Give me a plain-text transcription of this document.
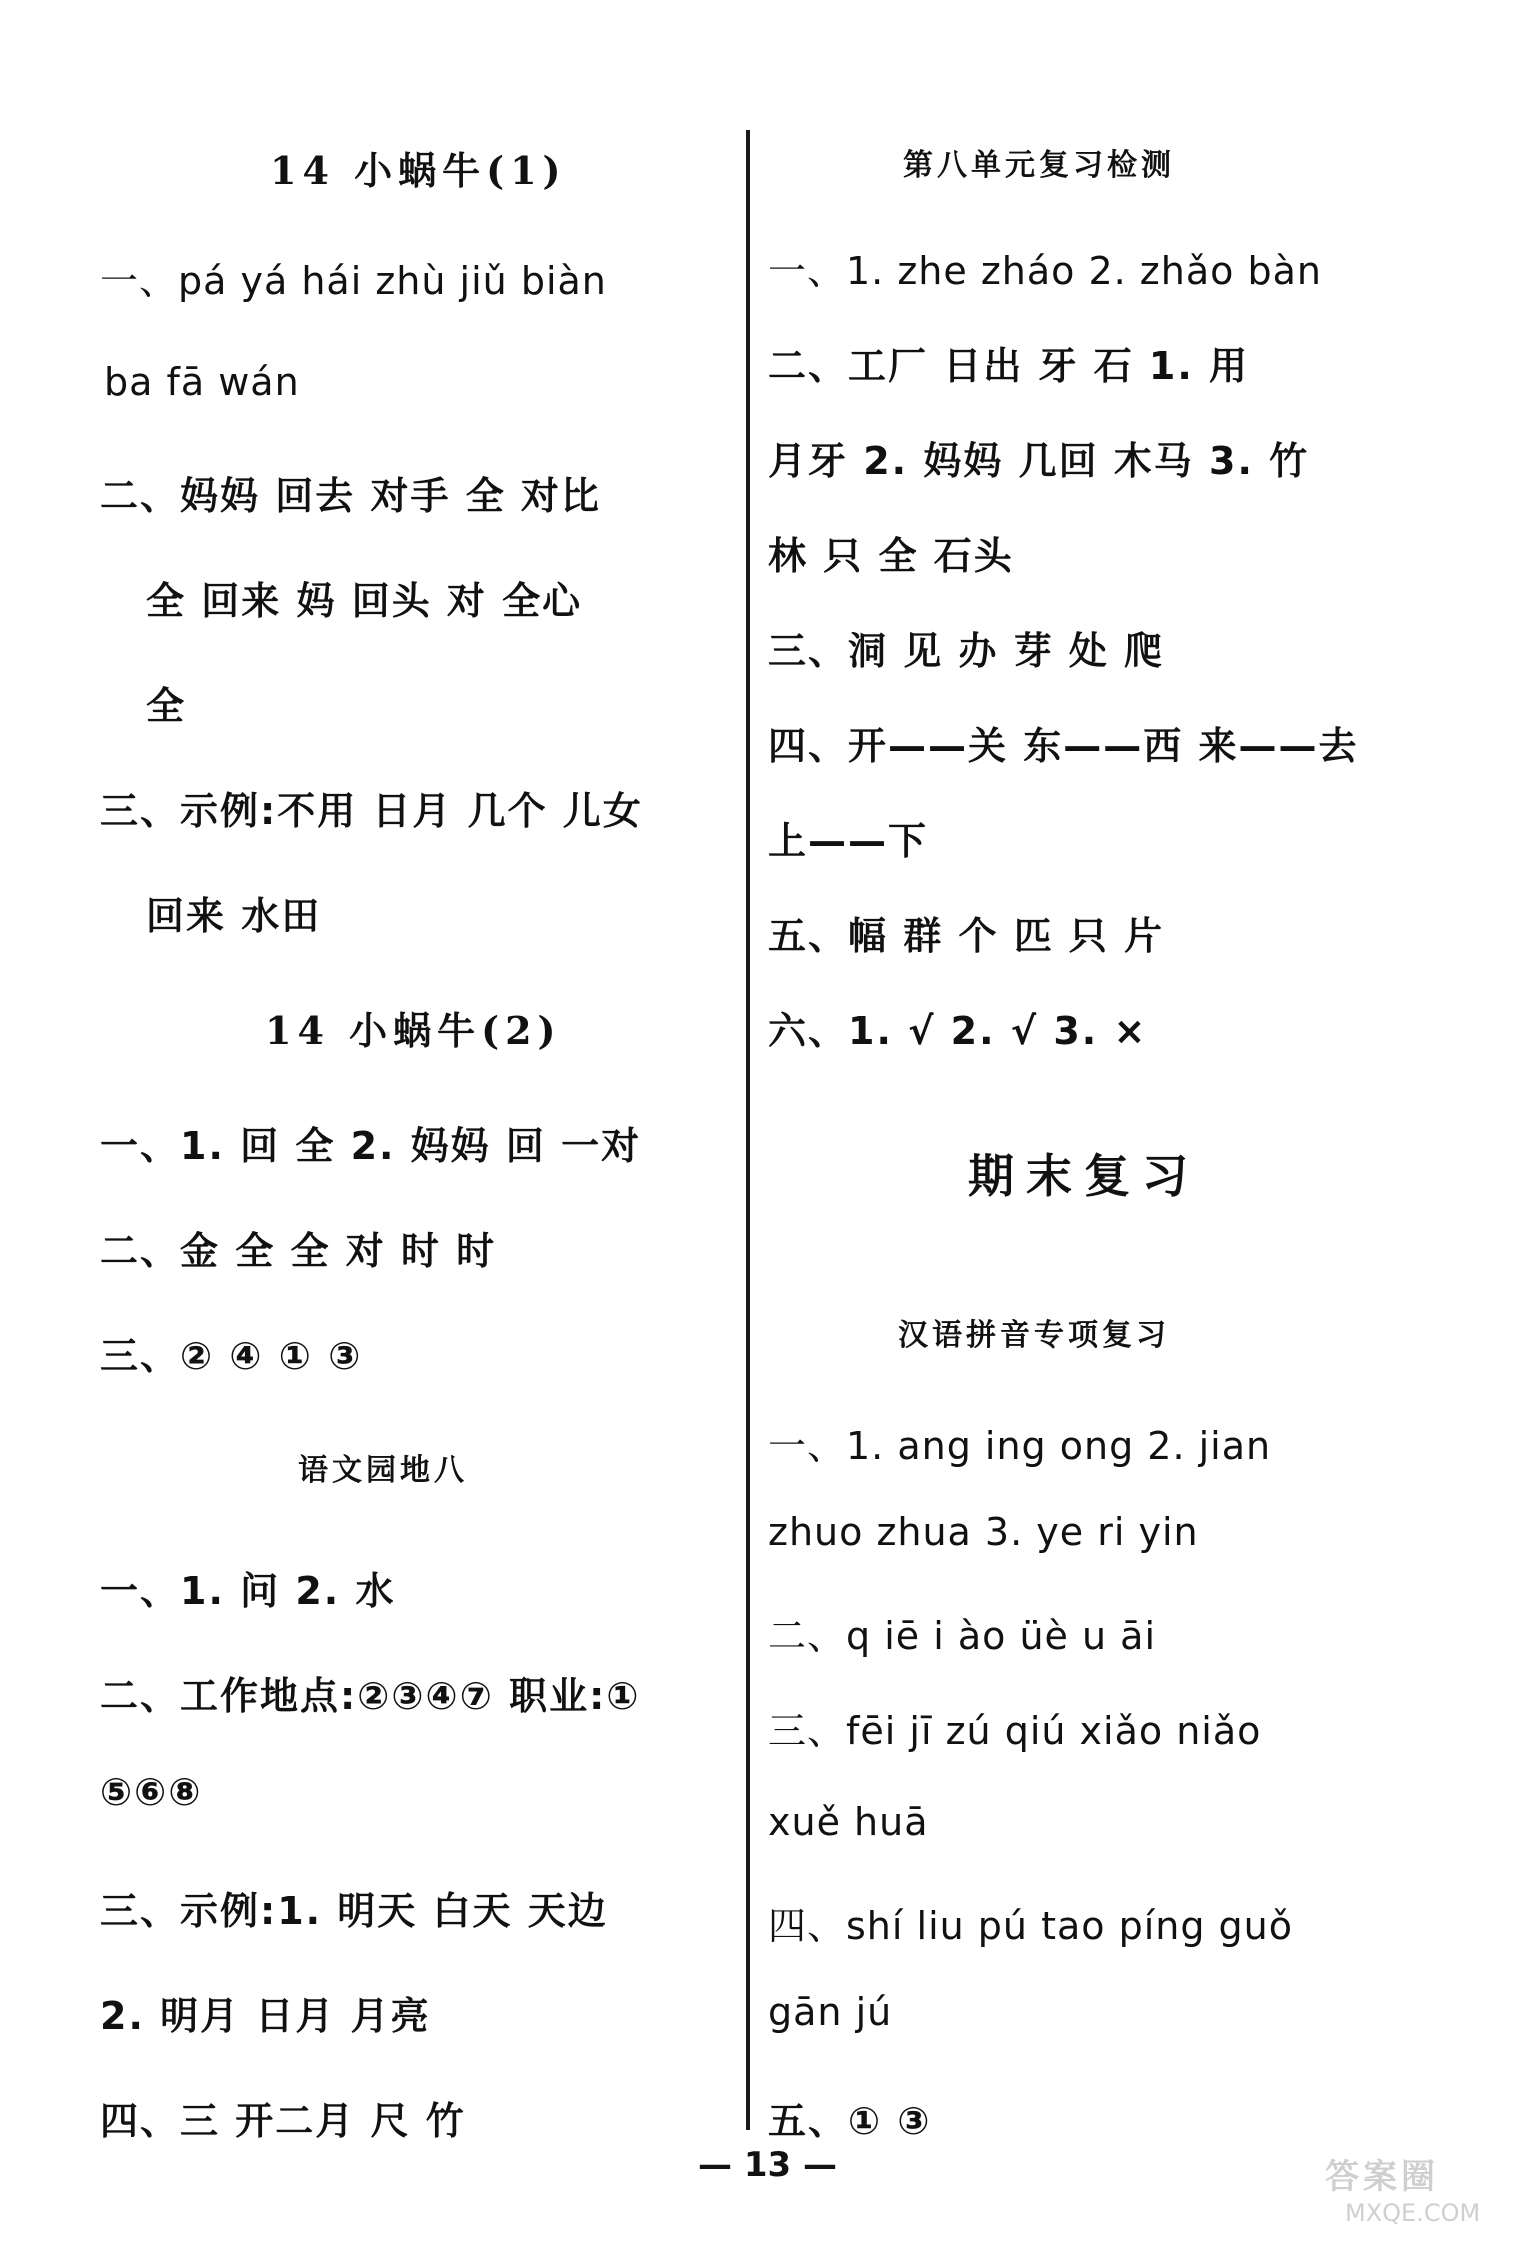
14 小蜗牛(1)
一、pá yá hái zhù jiǔ biàn
ba fā wán
二、妈妈 回去 对手 全 对比
全 回来 妈 回头 对 全心
全
三、示例:不用 日月 几个 儿女
回来 水田
14 小蜗牛(2)
一、1. 回 全 2. 妈妈 回 一对
二、金 全 全 对 时 时
三、② ④ ① ③
语文园地八
一、1. 问 2. 水
二、工作地点:②③④⑦ 职业:①
⑤⑥⑧
三、示例:1. 明天 白天 天边
2. 明月 日月 月亮
四、三 开二月 尺 竹
第八单元复习检测
一、1. zhe zháo 2. zhǎo bàn
二、工厂 日出 牙 石 1. 用
月牙 2. 妈妈 几回 木马 3. 竹
林 只 全 石头
三、洞 见 办 芽 处 爬
四、开——关 东——西 来——去
上——下
五、幅 群 个 匹 只 片
六、1. √ 2. √ 3. ×
期末复习
汉语拼音专项复习
一、1. ang ing ong 2. jian
zhuo zhua 3. ye ri yin
二、q iē i ào üè u āi
三、fēi jī zú qiú xiǎo niǎo
xuě huā
四、shí liu pú tao píng guǒ
gān jú
五、① ③
— 13 —	答案圈
MXQE.COM
